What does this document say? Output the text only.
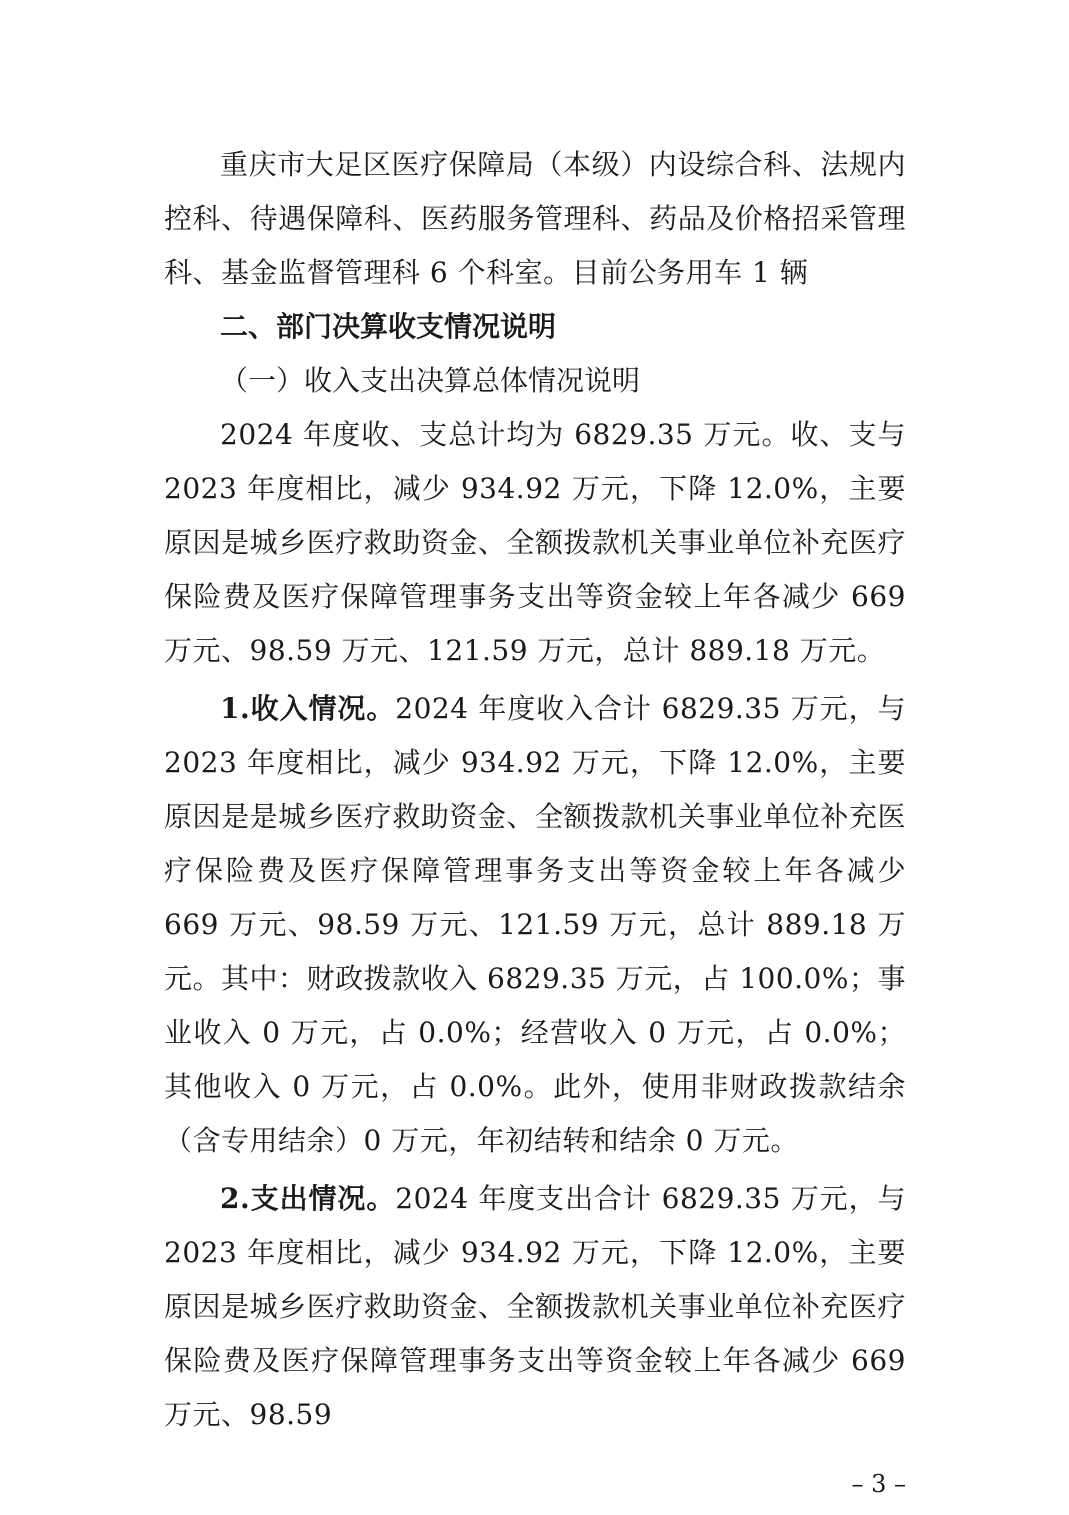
重庆市大足区医疗保障局（本级）内设综合科、法规内控科、待遇保障科、医药服务管理科、药品及价格招采管理科、基金监督管理科 6 个科室。目前公务用车 1 辆

二、部门决算收支情况说明

（一）收入支出决算总体情况说明

2024 年度收、支总计均为 6829.35 万元。收、支与 2023 年度相比，减少 934.92 万元，下降 12.0%，主要原因是城乡医疗救助资金、全额拨款机关事业单位补充医疗保险费及医疗保障管理事务支出等资金较上年各减少 669 万元、98.59 万元、121.59 万元，总计 889.18 万元。

1.收入情况。2024 年度收入合计 6829.35 万元，与 2023 年度相比，减少 934.92 万元，下降 12.0%，主要原因是是城乡医疗救助资金、全额拨款机关事业单位补充医疗保险费及医疗保障管理事务支出等资金较上年各减少 669 万元、98.59 万元、121.59 万元，总计 889.18 万元。其中：财政拨款收入 6829.35 万元，占 100.0%；事业收入 0 万元，占 0.0%；经营收入 0 万元，占 0.0%；其他收入 0 万元，占 0.0%。此外，使用非财政拨款结余（含专用结余）0 万元，年初结转和结余 0 万元。

2.支出情况。2024 年度支出合计 6829.35 万元，与 2023 年度相比，减少 934.92 万元，下降 12.0%，主要原因是城乡医疗救助资金、全额拨款机关事业单位补充医疗保险费及医疗保障管理事务支出等资金较上年各减少 669 万元、98.59

– 3 –
